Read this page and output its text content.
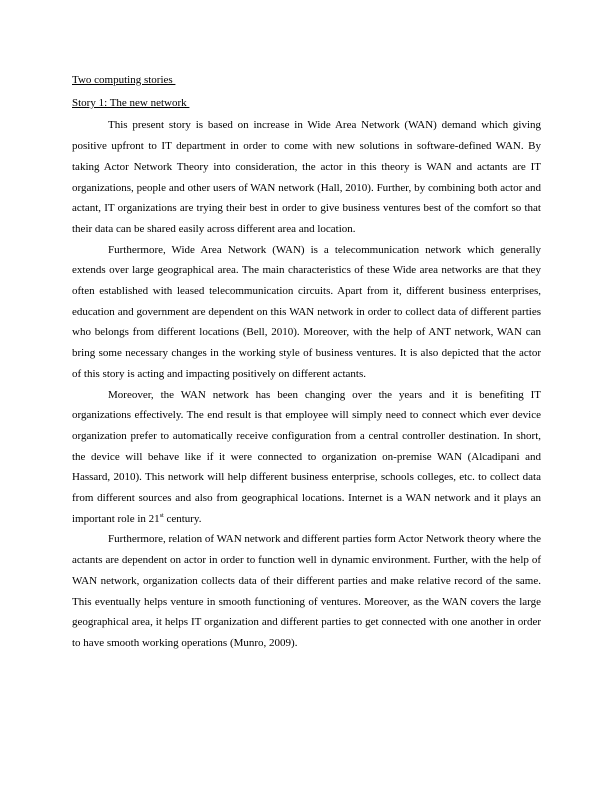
Two computing stories

Story 1: The new network

This present story is based on increase in Wide Area Network (WAN) demand which giving positive upfront to IT department in order to come with new solutions in software-defined WAN. By taking Actor Network Theory into consideration, the actor in this theory is WAN and actants are IT organizations, people and other users of WAN network (Hall, 2010). Further, by combining both actor and actant, IT organizations are trying their best in order to give business ventures best of the comfort so that their data can be shared easily across different area and location.

Furthermore, Wide Area Network (WAN) is a telecommunication network which generally extends over large geographical area. The main characteristics of these Wide area networks are that they often established with leased telecommunication circuits. Apart from it, different business enterprises, education and government are dependent on this WAN network in order to collect data of different parties who belongs from different locations (Bell, 2010). Moreover, with the help of ANT network, WAN can bring some necessary changes in the working style of business ventures. It is also depicted that the actor of this story is acting and impacting positively on different actants.

Moreover, the WAN network has been changing over the years and it is benefiting IT organizations effectively. The end result is that employee will simply need to connect which ever device organization prefer to automatically receive configuration from a central controller destination. In short, the device will behave like if it were connected to organization on-premise WAN (Alcadipani and Hassard, 2010). This network will help different business enterprise, schools colleges, etc. to collect data from different sources and also from geographical locations. Internet is a WAN network and it plays an important role in 21st century.

Furthermore, relation of WAN network and different parties form Actor Network theory where the actants are dependent on actor in order to function well in dynamic environment. Further, with the help of WAN network, organization collects data of their different parties and make relative record of the same. This eventually helps venture in smooth functioning of ventures. Moreover, as the WAN covers the large geographical area, it helps IT organization and different parties to get connected with one another in order to have smooth working operations (Munro, 2009).
